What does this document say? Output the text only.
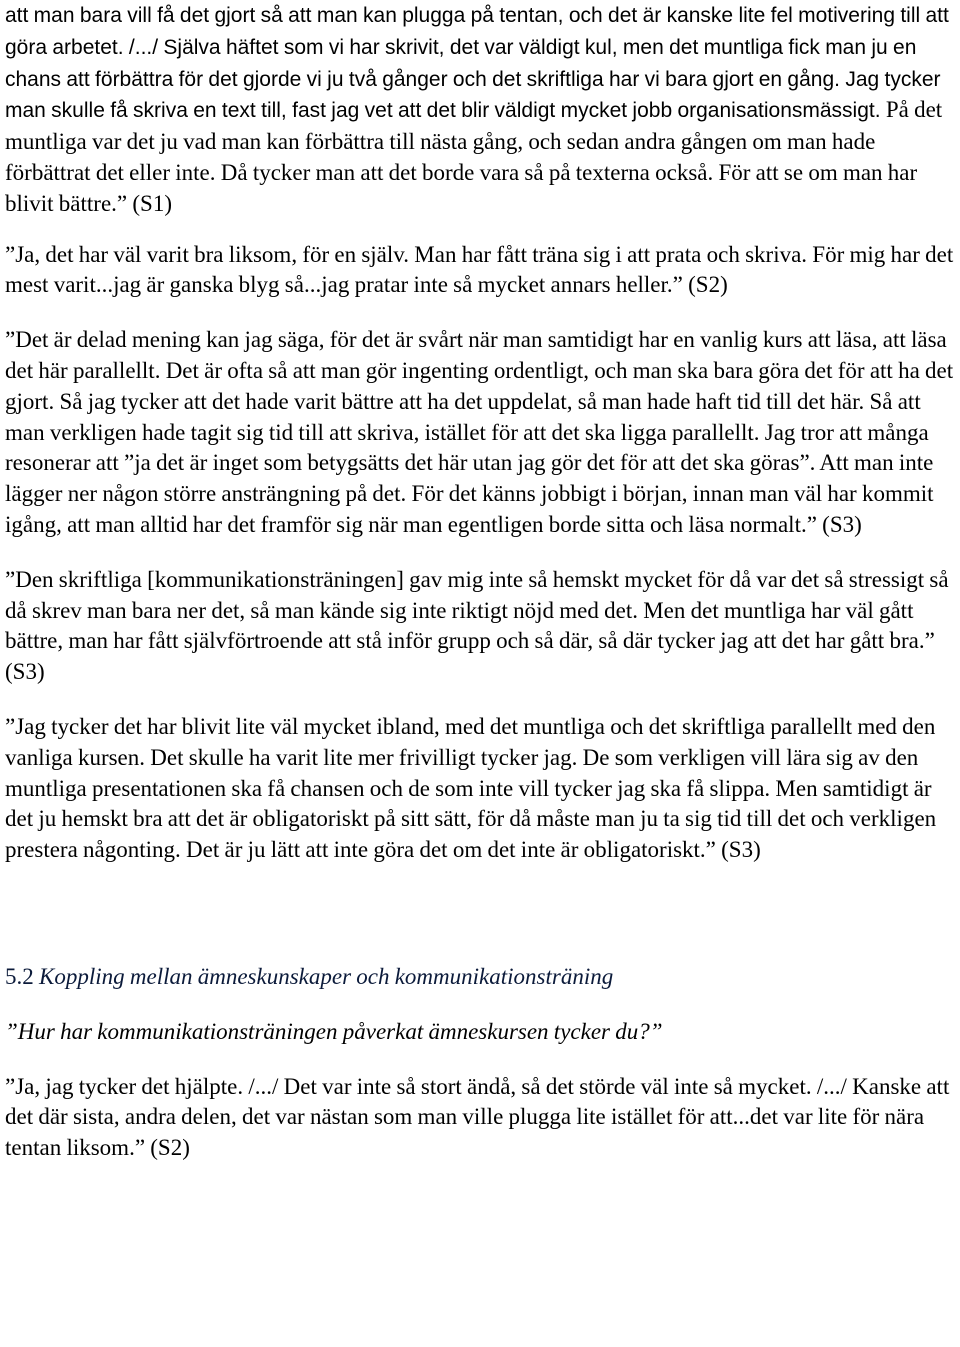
att man bara vill få det gjort så att man kan plugga på tentan, och det är kanske lite fel motivering till att göra arbetet. /.../ Själva häftet som vi har skrivit, det var väldigt kul, men det muntliga fick man ju en chans att förbättra för det gjorde vi ju två gånger och det skriftliga har vi bara gjort en gång. Jag tycker man skulle få skriva en text till, fast jag vet att det blir väldigt mycket jobb organisationsmässigt. På det muntliga var det ju vad man kan förbättra till nästa gång, och sedan andra gången om man hade förbättrat det eller inte. Då tycker man att det borde vara så på texterna också. För att se om man har blivit bättre.” (S1)

”Ja, det har väl varit bra liksom, för en själv. Man har fått träna sig i att prata och skriva. För mig har det mest varit...jag är ganska blyg så...jag pratar inte så mycket annars heller.” (S2)

”Det är delad mening kan jag säga, för det är svårt när man samtidigt har en vanlig kurs att läsa, att läsa det här parallellt. Det är ofta så att man gör ingenting ordentligt, och man ska bara göra det för att ha det gjort. Så jag tycker att det hade varit bättre att ha det uppdelat, så man hade haft tid till det här. Så att man verkligen hade tagit sig tid till att skriva, istället för att det ska ligga parallellt. Jag tror att många resonerar att ”ja det är inget som betygsätts det här utan jag gör det för att det ska göras”. Att man inte lägger ner någon större ansträngning på det. För det känns jobbigt i början, innan man väl har kommit igång, att man alltid har det framför sig när man egentligen borde sitta och läsa normalt.” (S3)

”Den skriftliga [kommunikationsträningen] gav mig inte så hemskt mycket för då var det så stressigt så då skrev man bara ner det, så man kände sig inte riktigt nöjd med det. Men det muntliga har väl gått bättre, man har fått självförtroende att stå inför grupp och så där, så där tycker jag att det har gått bra.” (S3)

”Jag tycker det har blivit lite väl mycket ibland, med det muntliga och det skriftliga parallellt med den vanliga kursen. Det skulle ha varit lite mer frivilligt tycker jag. De som verkligen vill lära sig av den muntliga presentationen ska få chansen och de som inte vill tycker jag ska få slippa. Men samtidigt är det ju hemskt bra att det är obligatoriskt på sitt sätt, för då måste man ju ta sig tid till det och verkligen prestera någonting. Det är ju lätt att inte göra det om det inte är obligatoriskt.” (S3)

5.2 Koppling mellan ämneskunskaper och kommunikationsträning

”Hur har kommunikationsträningen påverkat ämneskursen tycker du?”

”Ja, jag tycker det hjälpte. /.../ Det var inte så stort ändå, så det störde väl inte så mycket. /.../ Kanske att det där sista, andra delen, det var nästan som man ville plugga lite istället för att...det var lite för nära tentan liksom.” (S2)
